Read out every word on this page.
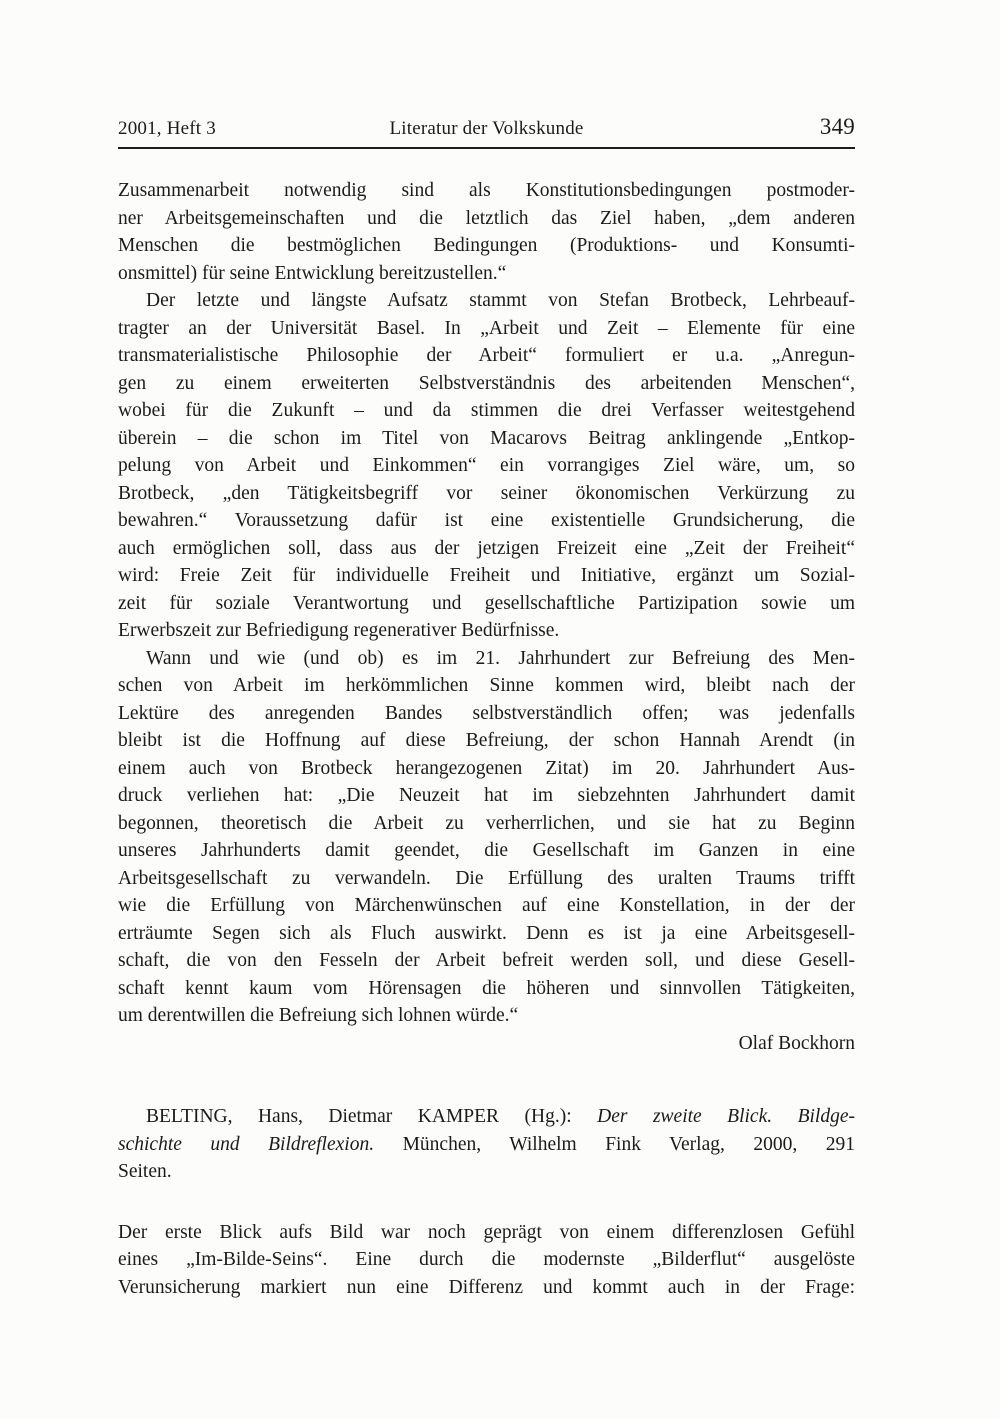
2001, Heft 3	Literatur der Volkskunde	349
Zusammenarbeit notwendig sind als Konstitutionsbedingungen postmoder-
ner Arbeitsgemeinschaften und die letztlich das Ziel haben, „dem anderen
Menschen die bestmöglichen Bedingungen (Produktions- und Konsumti-
onsmittel) für seine Entwicklung bereitzustellen.“
Der letzte und längste Aufsatz stammt von Stefan Brotbeck, Lehrbeauf-
tragter an der Universität Basel. In „Arbeit und Zeit – Elemente für eine
transmaterialistische Philosophie der Arbeit“ formuliert er u.a. „Anregun-
gen zu einem erweiterten Selbstverständnis des arbeitenden Menschen“,
wobei für die Zukunft – und da stimmen die drei Verfasser weitestgehend
überein – die schon im Titel von Macarovs Beitrag anklingende „Entkop-
pelung von Arbeit und Einkommen“ ein vorrangiges Ziel wäre, um, so
Brotbeck, „den Tätigkeitsbegriff vor seiner ökonomischen Verkürzung zu
bewahren.“ Voraussetzung dafür ist eine existentielle Grundsicherung, die
auch ermöglichen soll, dass aus der jetzigen Freizeit eine „Zeit der Freiheit“
wird: Freie Zeit für individuelle Freiheit und Initiative, ergänzt um Sozial-
zeit für soziale Verantwortung und gesellschaftliche Partizipation sowie um
Erwerbszeit zur Befriedigung regenerativer Bedürfnisse.
Wann und wie (und ob) es im 21. Jahrhundert zur Befreiung des Men-
schen von Arbeit im herkömmlichen Sinne kommen wird, bleibt nach der
Lektüre des anregenden Bandes selbstverständlich offen; was jedenfalls
bleibt ist die Hoffnung auf diese Befreiung, der schon Hannah Arendt (in
einem auch von Brotbeck herangezogenen Zitat) im 20. Jahrhundert Aus-
druck verliehen hat: „Die Neuzeit hat im siebzehnten Jahrhundert damit
begonnen, theoretisch die Arbeit zu verherrlichen, und sie hat zu Beginn
unseres Jahrhunderts damit geendet, die Gesellschaft im Ganzen in eine
Arbeitsgesellschaft zu verwandeln. Die Erfüllung des uralten Traums trifft
wie die Erfüllung von Märchenwünschen auf eine Konstellation, in der der
erträumte Segen sich als Fluch auswirkt. Denn es ist ja eine Arbeitsgesell-
schaft, die von den Fesseln der Arbeit befreit werden soll, und diese Gesell-
schaft kennt kaum vom Hörensagen die höheren und sinnvollen Tätigkeiten,
um derentwillen die Befreiung sich lohnen würde.“
Olaf Bockhorn
BELTING, Hans, Dietmar KAMPER (Hg.): Der zweite Blick. Bildge-
schichte und Bildreflexion. München, Wilhelm Fink Verlag, 2000, 291
Seiten.
Der erste Blick aufs Bild war noch geprägt von einem differenzlosen Gefühl
eines „Im-Bilde-Seins“. Eine durch die modernste „Bilderflut“ ausgelöste
Verunsicherung markiert nun eine Differenz und kommt auch in der Frage:
